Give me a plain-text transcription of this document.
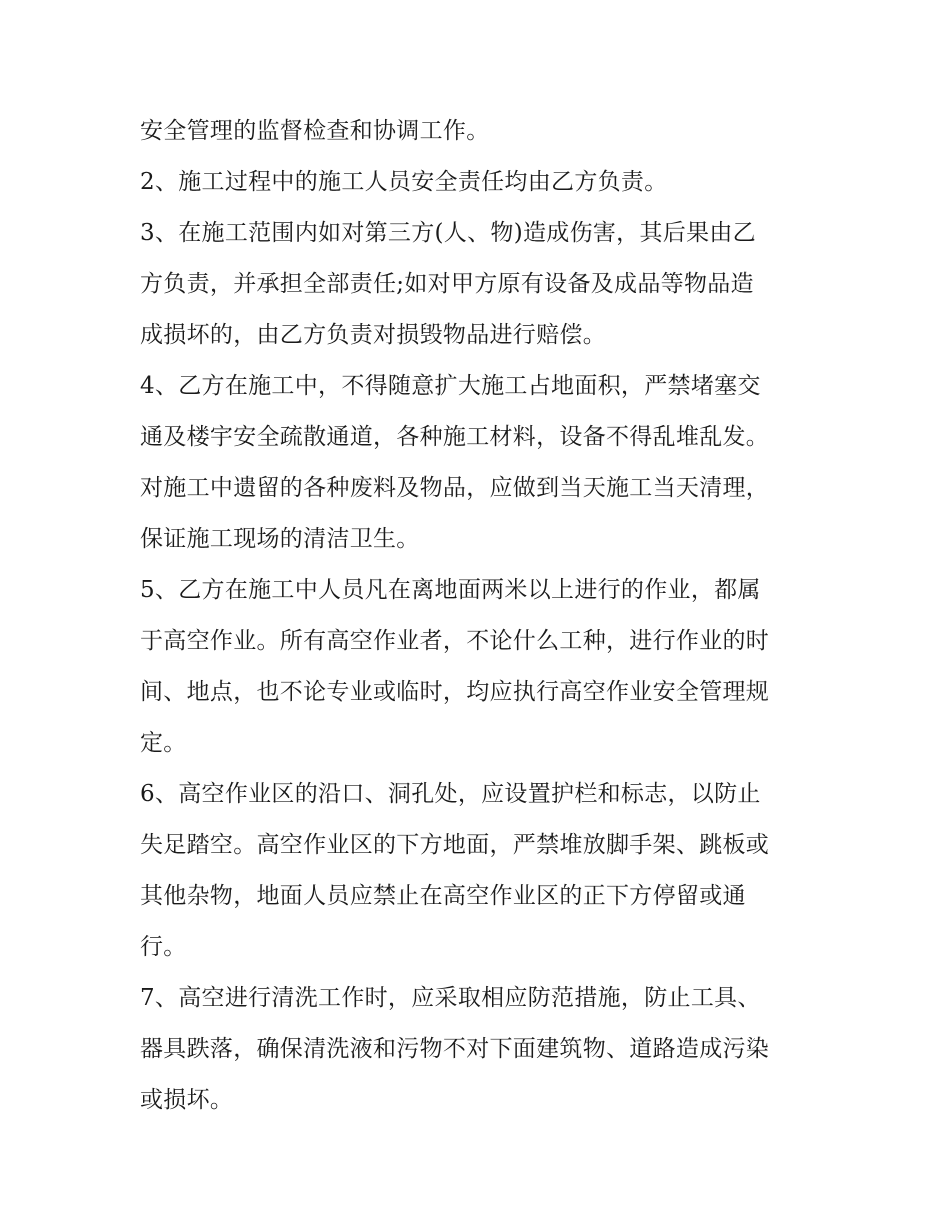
安全管理的监督检查和协调工作。
2、施工过程中的施工人员安全责任均由乙方负责。
3、在施工范围内如对第三方(人、物)造成伤害，其后果由乙
方负责，并承担全部责任;如对甲方原有设备及成品等物品造
成损坏的，由乙方负责对损毁物品进行赔偿。
4、乙方在施工中，不得随意扩大施工占地面积，严禁堵塞交
通及楼宇安全疏散通道，各种施工材料，设备不得乱堆乱发。
对施工中遗留的各种废料及物品，应做到当天施工当天清理，
保证施工现场的清洁卫生。
5、乙方在施工中人员凡在离地面两米以上进行的作业，都属
于高空作业。所有高空作业者，不论什么工种，进行作业的时
间、地点，也不论专业或临时，均应执行高空作业安全管理规
定。
6、高空作业区的沿口、洞孔处，应设置护栏和标志，以防止
失足踏空。高空作业区的下方地面，严禁堆放脚手架、跳板或
其他杂物，地面人员应禁止在高空作业区的正下方停留或通
行。
7、高空进行清洗工作时，应采取相应防范措施，防止工具、
器具跌落，确保清洗液和污物不对下面建筑物、道路造成污染
或损坏。
